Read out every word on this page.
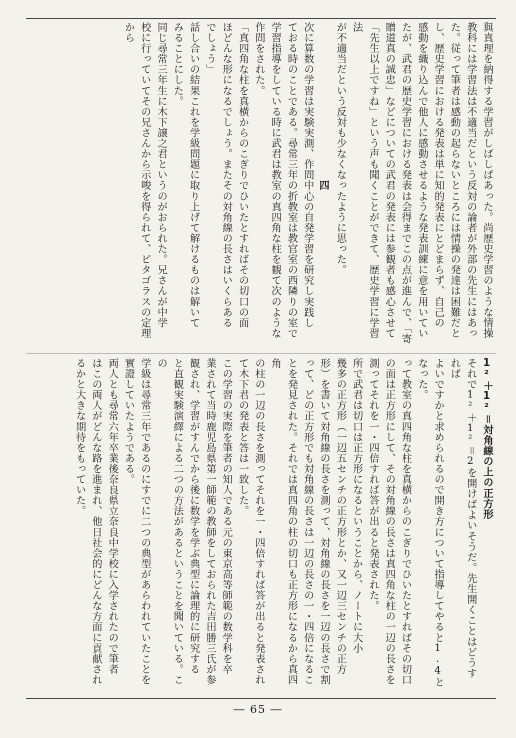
與真理を納得する学習がしばしばあった。尚歴史学習のような情操

教科には学習法は不適当だという反対の論者が外部の先生にはあっ

た。従って筆者は感動の起らないところには情操の発達は困難だと

し、歴史学習における発表は単に知的発表にとどまらず、自己の

感動を織り込んで他人に感動させるような発表訓練に意を用いてい

たが、武君の歴史学習における発表は会得までこの点が進んで、「寄

贈道真の誠忠」などについての武君の発表には参観者も感心させて

「先生以上ですね」という声も聞くことができて、歴史学習に学習法

が不適当だという反対も少なくなったように思った。

四

次に算数の学習は実験実測、作問中心の自発学習を研究し実践し

ておる時のことである。尋常三年の折教室は教官室の西隣りの室で

学習指導をしている時に武君は教室の真四角な柱を観て次のような

作問をされた。

「真四角な柱を真横からのこぎりでひいたとすればその切口の面

ほどんな形になるでしょう。またその対角線の長さはいくらある

でしょう」

話し合いの結果これを学級問題に取り上げて解けるものは解いて

みることにした。

同じ尋常三年生に木下譲之君というのがおられた。兄さんが中学

校に行っていてその兄さんから示唆を得られて、ピタゴラスの定理

から

1²＋1²＝対角線の上の正方形

それで1²＋1²＝2を開けばよいそうだ。先生開くことはどうすれば

よいですかと求められるので開き方について指導してやると1.4となった。

って教室の真四角な柱を真横からのこぎりでひいたとすればその切口

の面は正方形にして、その対角線の長さは真四角な柱の一辺の長さを

測ってそれを一・四倍すれば答が出ると発表された。

所で武君は切口は正方形になるということから、ノートに大小

幾多の正方形（一辺五センチの正方形とか、又一辺三センチの正方

形）を書いて対角線の長さを測って、対角線の長さを一辺の長さで割

って、どの正方形でも対角線の長さは一辺の長さの一・四倍になるこ

とを発見された。それでは真四角の柱の切口も正方形になるから真四角

の柱の一辺の長さを測ってそれを一・四倍すれば答が出ると発表され

て木下君の発表と答は一致した。

この学習の実際を筆者の知人である元の東京高等師範の数学科を卒

業されて当時鹿児島県第一師範の教師をしておられた吉田勝三氏が参

観され、学習がすんでから後に数学を学ぶ典型に論理的に研究する

と直観実験演繹による二つの方法があるということを聞いている。この

学級は尋常三年であるのにすでに二つの典型があらわれていたことを

實證していたようである。

両人とも尋常六年卒業後奈良県立奈良中学校に入学されたので筆者

はこの両人がどんな路を進まれ、他日社会的にどんな方面に貢献され

るかと大きな期待をもっていた。

― 65 ―
